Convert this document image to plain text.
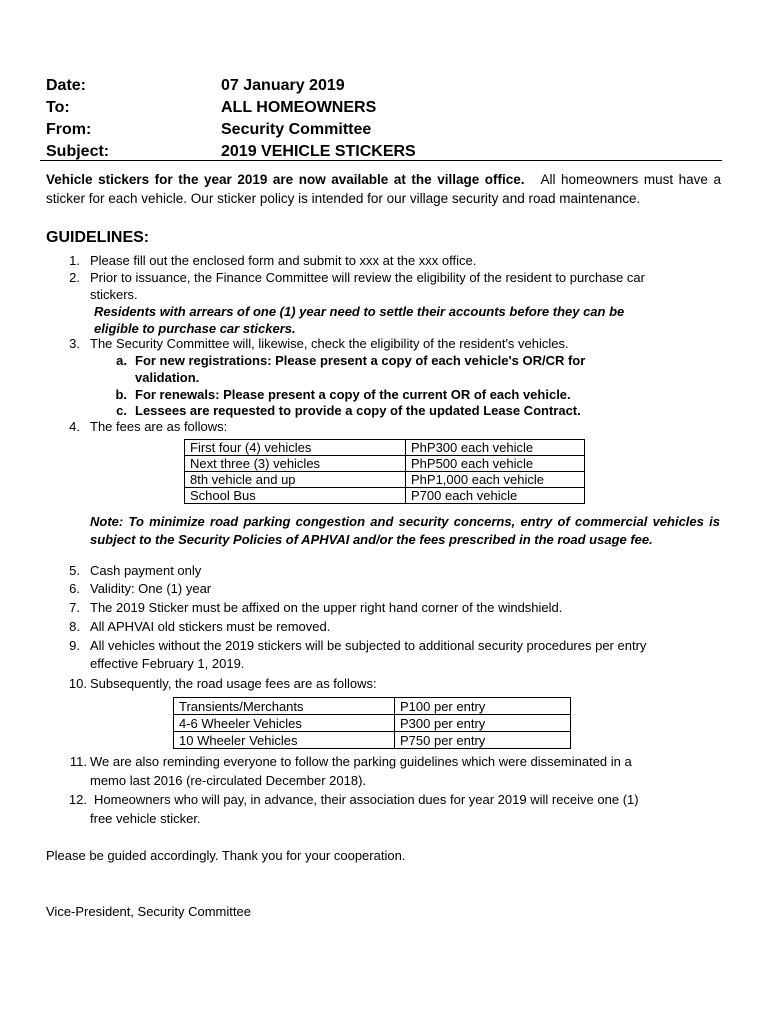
Date:	07 January 2019
To:	ALL HOMEOWNERS
From:	Security Committee
Subject:	2019 VEHICLE STICKERS
Vehicle stickers for the year 2019 are now available at the village office. All homeowners must have a sticker for each vehicle. Our sticker policy is intended for our village security and road maintenance.
GUIDELINES:
1. Please fill out the enclosed form and submit to xxx at the xxx office.
2. Prior to issuance, the Finance Committee will review the eligibility of the resident to purchase car
stickers.
Residents with arrears of one (1) year need to settle their accounts before they can be
eligible to purchase car stickers.
3. The Security Committee will, likewise, check the eligibility of the resident's vehicles.
a. For new registrations: Please present a copy of each vehicle's OR/CR for
validation.
b. For renewals: Please present a copy of the current OR of each vehicle.
c. Lessees are requested to provide a copy of the updated Lease Contract.
4. The fees are as follows:
First four (4) vehicles	PhP300 each vehicle
Next three (3) vehicles	PhP500 each vehicle
8th vehicle and up	PhP1,000 each vehicle
School Bus	P700 each vehicle
Note: To minimize road parking congestion and security concerns, entry of commercial vehicles is subject to the Security Policies of APHVAI and/or the fees prescribed in the road usage fee.
5. Cash payment only
6. Validity: One (1) year
7. The 2019 Sticker must be affixed on the upper right hand corner of the windshield.
8. All APHVAI old stickers must be removed.
9. All vehicles without the 2019 stickers will be subjected to additional security procedures per entry
effective February 1, 2019.
10. Subsequently, the road usage fees are as follows:
Transients/Merchants	P100 per entry
4-6 Wheeler Vehicles	P300 per entry
10 Wheeler Vehicles	P750 per entry
11. We are also reminding everyone to follow the parking guidelines which were disseminated in a
memo last 2016 (re-circulated December 2018).
12. Homeowners who will pay, in advance, their association dues for year 2019 will receive one (1)
free vehicle sticker.
Please be guided accordingly. Thank you for your cooperation.
Vice-President, Security Committee
